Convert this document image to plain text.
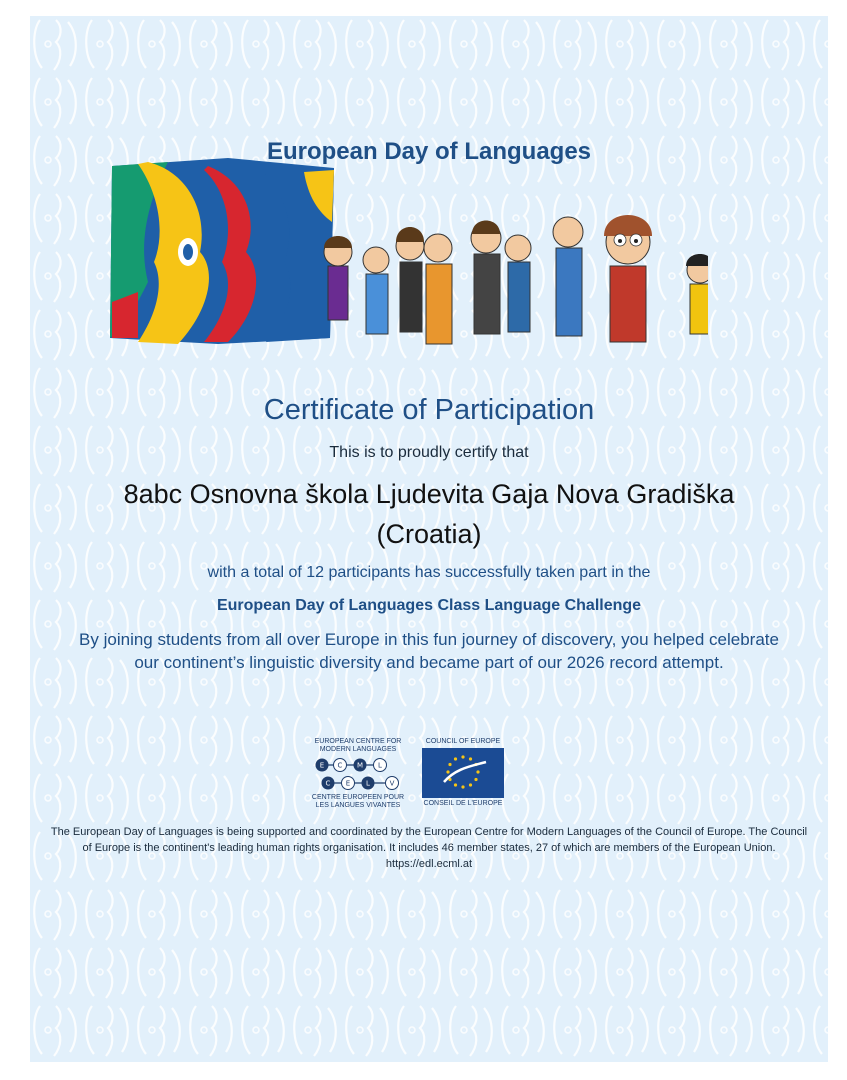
European Day of Languages
Certificate of Participation
This is to proudly certify that
8abc Osnovna škola Ljudevita Gaja Nova Gradiška
(Croatia)
with a total of 12 participants has successfully taken part in the
European Day of Languages Class Language Challenge
By joining students from all over Europe in this fun journey of discovery, you helped celebrate our continent’s linguistic diversity and became part of our 2026 record attempt.
EUROPEAN CENTRE FOR
MODERN LANGUAGES
E C M L
C E L	V
CENTRE EUROPEEN POUR
LES LANGUES VIVANTES
COUNCIL OF EUROPE
CONSEIL DE L'EUROPE
The European Day of Languages is being supported and coordinated by the European Centre for Modern Languages of the Council of Europe. The Council of Europe is the continent's leading human rights organisation. It includes 46 member states, 27 of which are members of the European Union. https://edl.ecml.at
